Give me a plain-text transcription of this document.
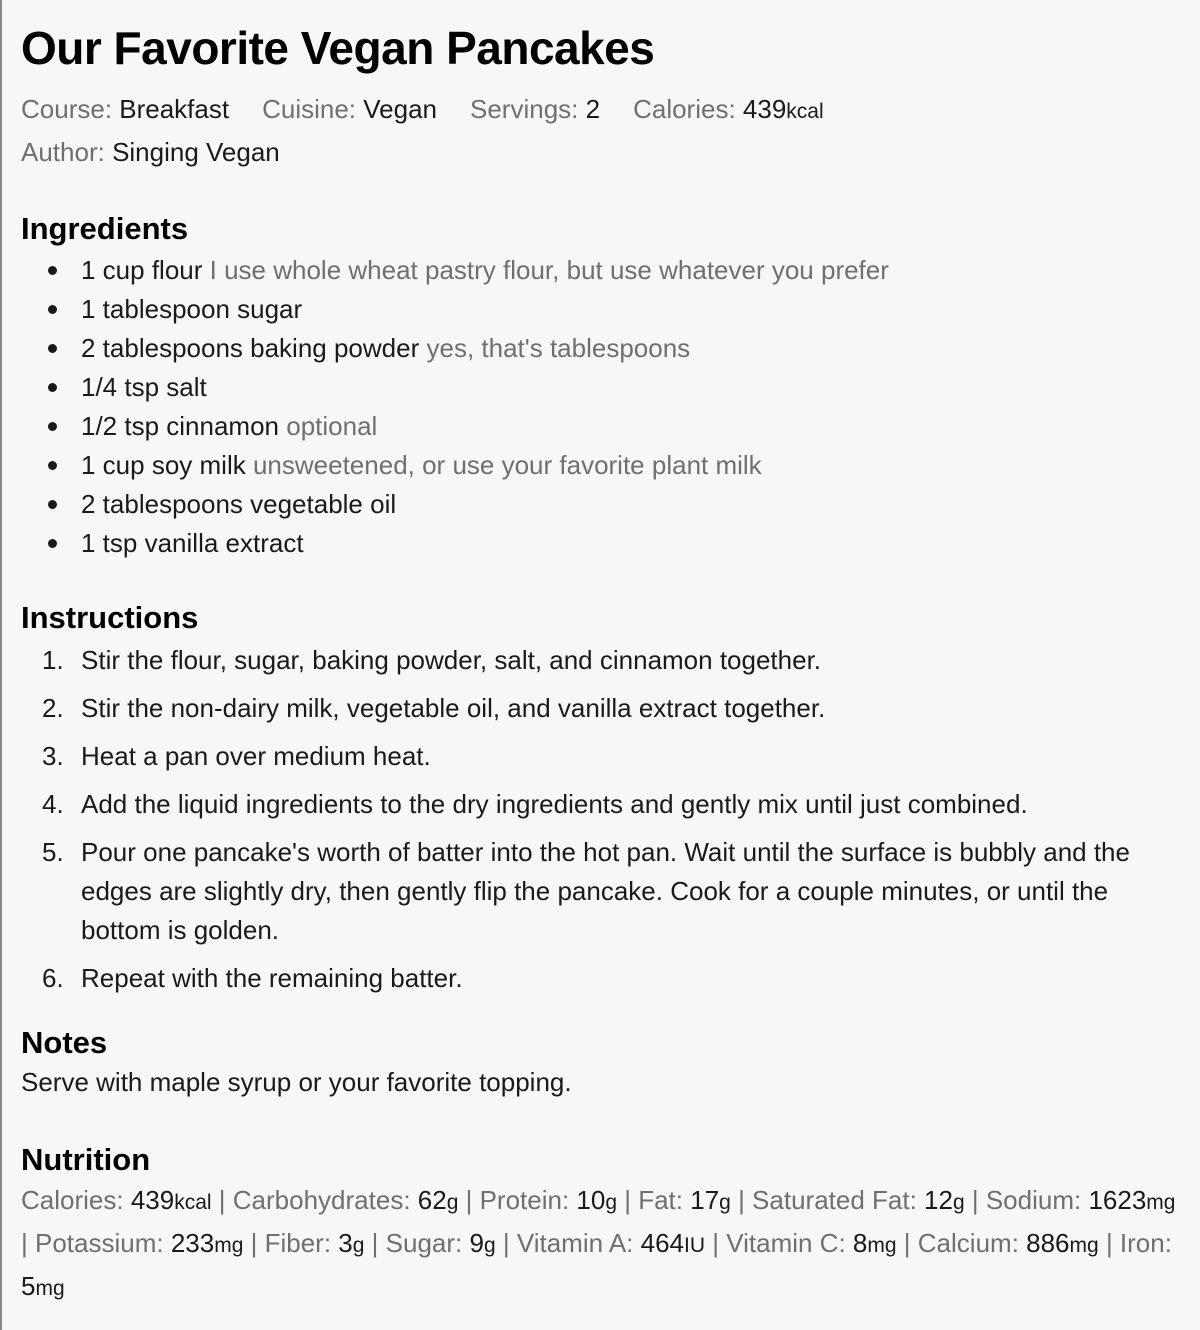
Our Favorite Vegan Pancakes
Course: Breakfast Cuisine: Vegan Servings: 2 Calories: 439kcal
Author: Singing Vegan
Ingredients
1 cup flour I use whole wheat pastry flour, but use whatever you prefer
1 tablespoon sugar
2 tablespoons baking powder yes, that's tablespoons
1/4 tsp salt
1/2 tsp cinnamon optional
1 cup soy milk unsweetened, or use your favorite plant milk
2 tablespoons vegetable oil
1 tsp vanilla extract
Instructions
1. Stir the flour, sugar, baking powder, salt, and cinnamon together.
2. Stir the non-dairy milk, vegetable oil, and vanilla extract together.
3. Heat a pan over medium heat.
4. Add the liquid ingredients to the dry ingredients and gently mix until just combined.
5. Pour one pancake's worth of batter into the hot pan. Wait until the surface is bubbly and the edges are slightly dry, then gently flip the pancake. Cook for a couple minutes, or until the bottom is golden.
6. Repeat with the remaining batter.
Notes
Serve with maple syrup or your favorite topping.
Nutrition
Calories: 439kcal | Carbohydrates: 62g | Protein: 10g | Fat: 17g | Saturated Fat: 12g | Sodium: 1623mg | Potassium: 233mg | Fiber: 3g | Sugar: 9g | Vitamin A: 464IU | Vitamin C: 8mg | Calcium: 886mg | Iron: 5mg
